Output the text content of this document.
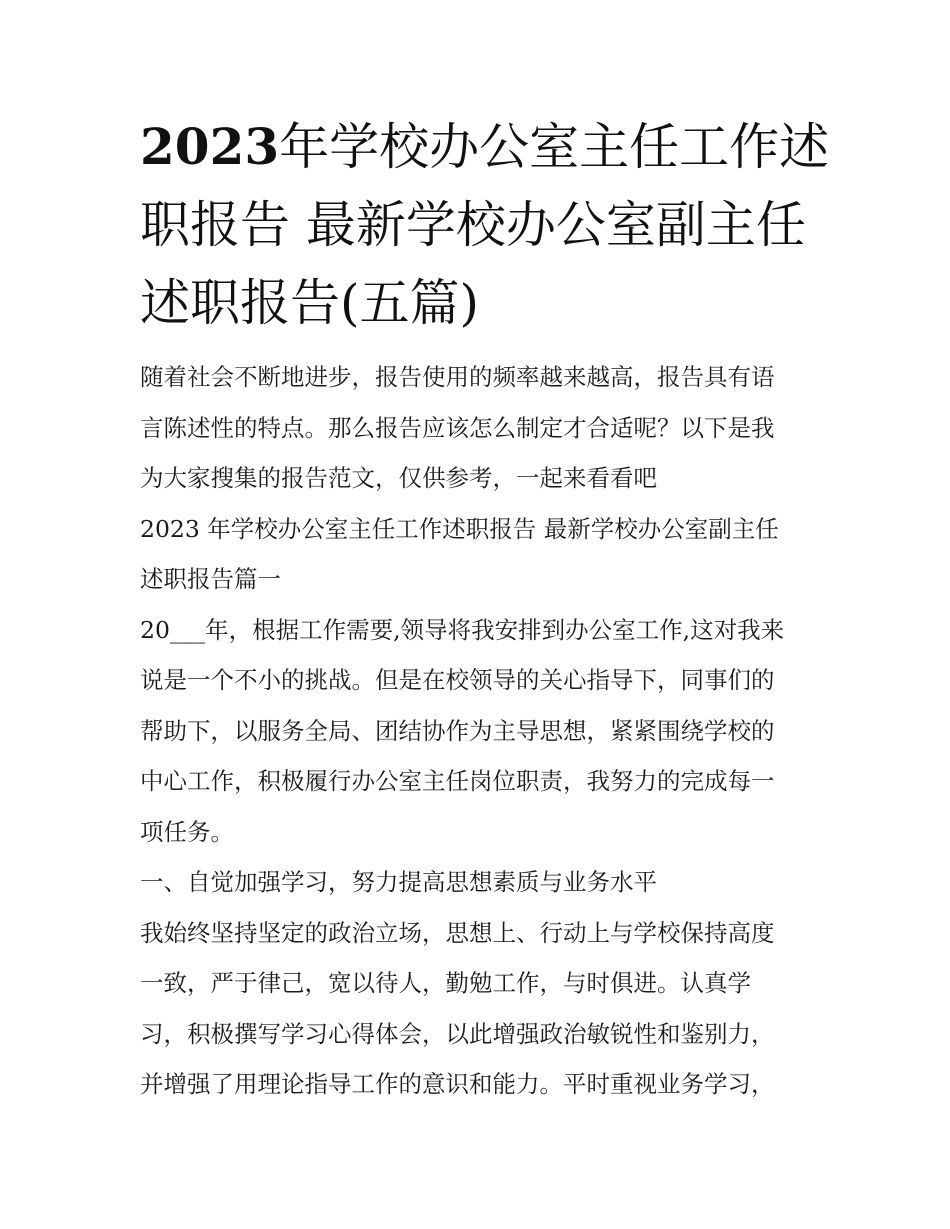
2023年学校办公室主任工作述
职报告 最新学校办公室副主任
述职报告(五篇)

随着社会不断地进步，报告使用的频率越来越高，报告具有语
言陈述性的特点。那么报告应该怎么制定才合适呢？以下是我
为大家搜集的报告范文，仅供参考，一起来看看吧

2023 年学校办公室主任工作述职报告 最新学校办公室副主任
述职报告篇一

20___年，根据工作需要,领导将我安排到办公室工作,这对我来
说是一个不小的挑战。但是在校领导的关心指导下，同事们的
帮助下，以服务全局、团结协作为主导思想，紧紧围绕学校的
中心工作，积极履行办公室主任岗位职责，我努力的完成每一
项任务。

一、自觉加强学习，努力提高思想素质与业务水平

我始终坚持坚定的政治立场，思想上、行动上与学校保持高度
一致，严于律己，宽以待人，勤勉工作，与时俱进。认真学
习，积极撰写学习心得体会，以此增强政治敏锐性和鉴别力，
并增强了用理论指导工作的意识和能力。平时重视业务学习，
